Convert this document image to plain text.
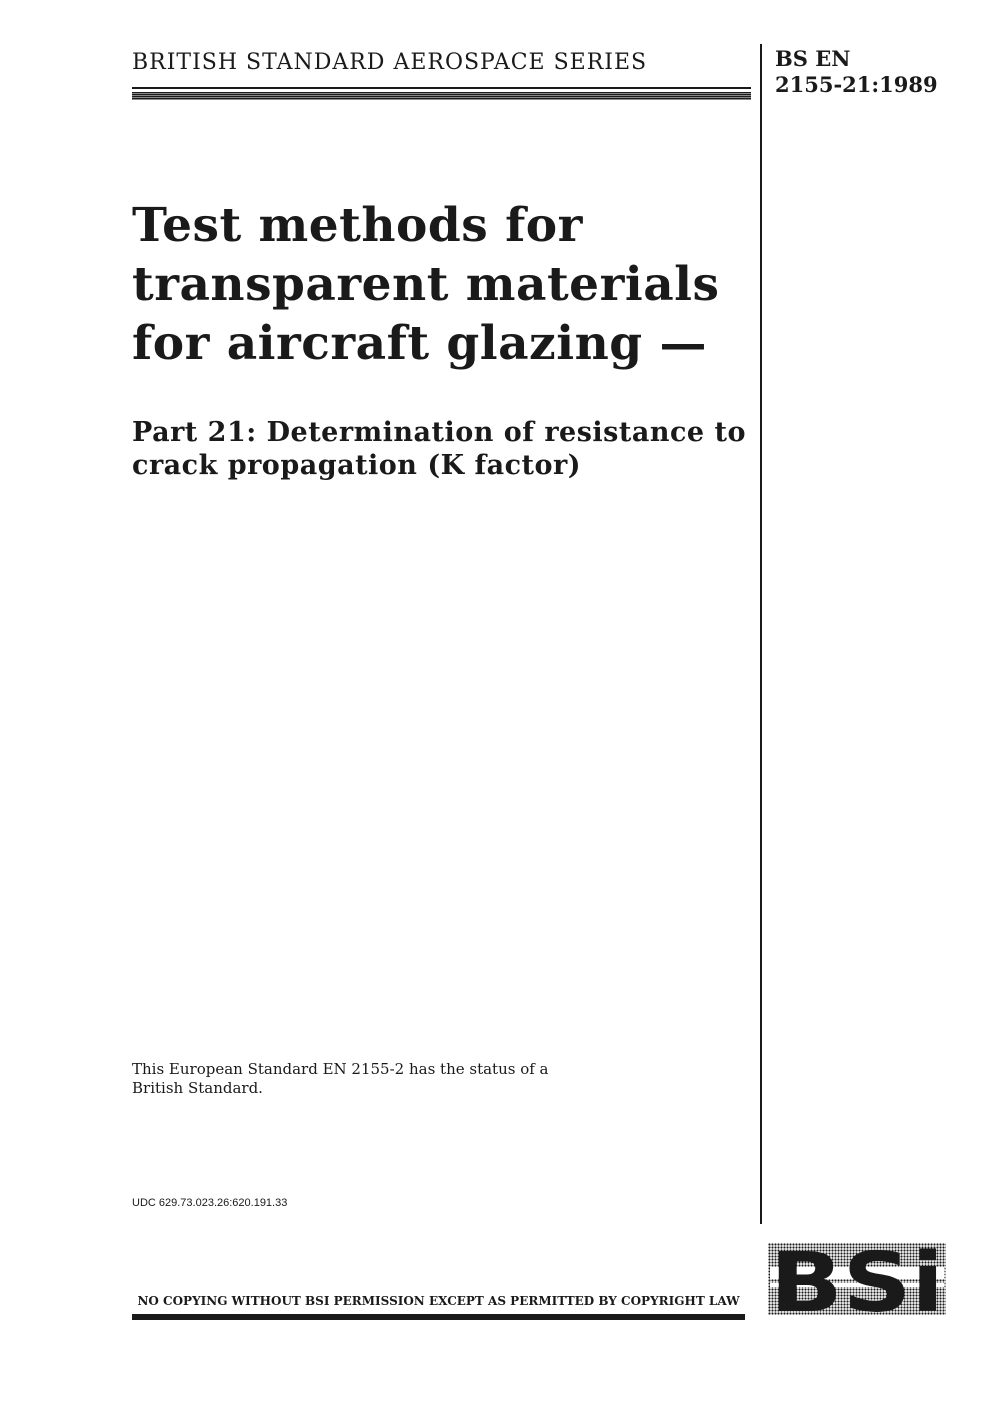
BRITISH STANDARD AEROSPACE SERIES	BS EN
2155-21:1989
Test methods for
transparent materials
for aircraft glazing —
Part 21: Determination of resistance to
crack propagation (K factor)
This European Standard EN 2155-2 has the status of a
British Standard.
UDC 629.73.023.26:620.191.33
NO COPYING WITHOUT BSI PERMISSION EXCEPT AS PERMITTED BY COPYRIGHT LAW BSi
